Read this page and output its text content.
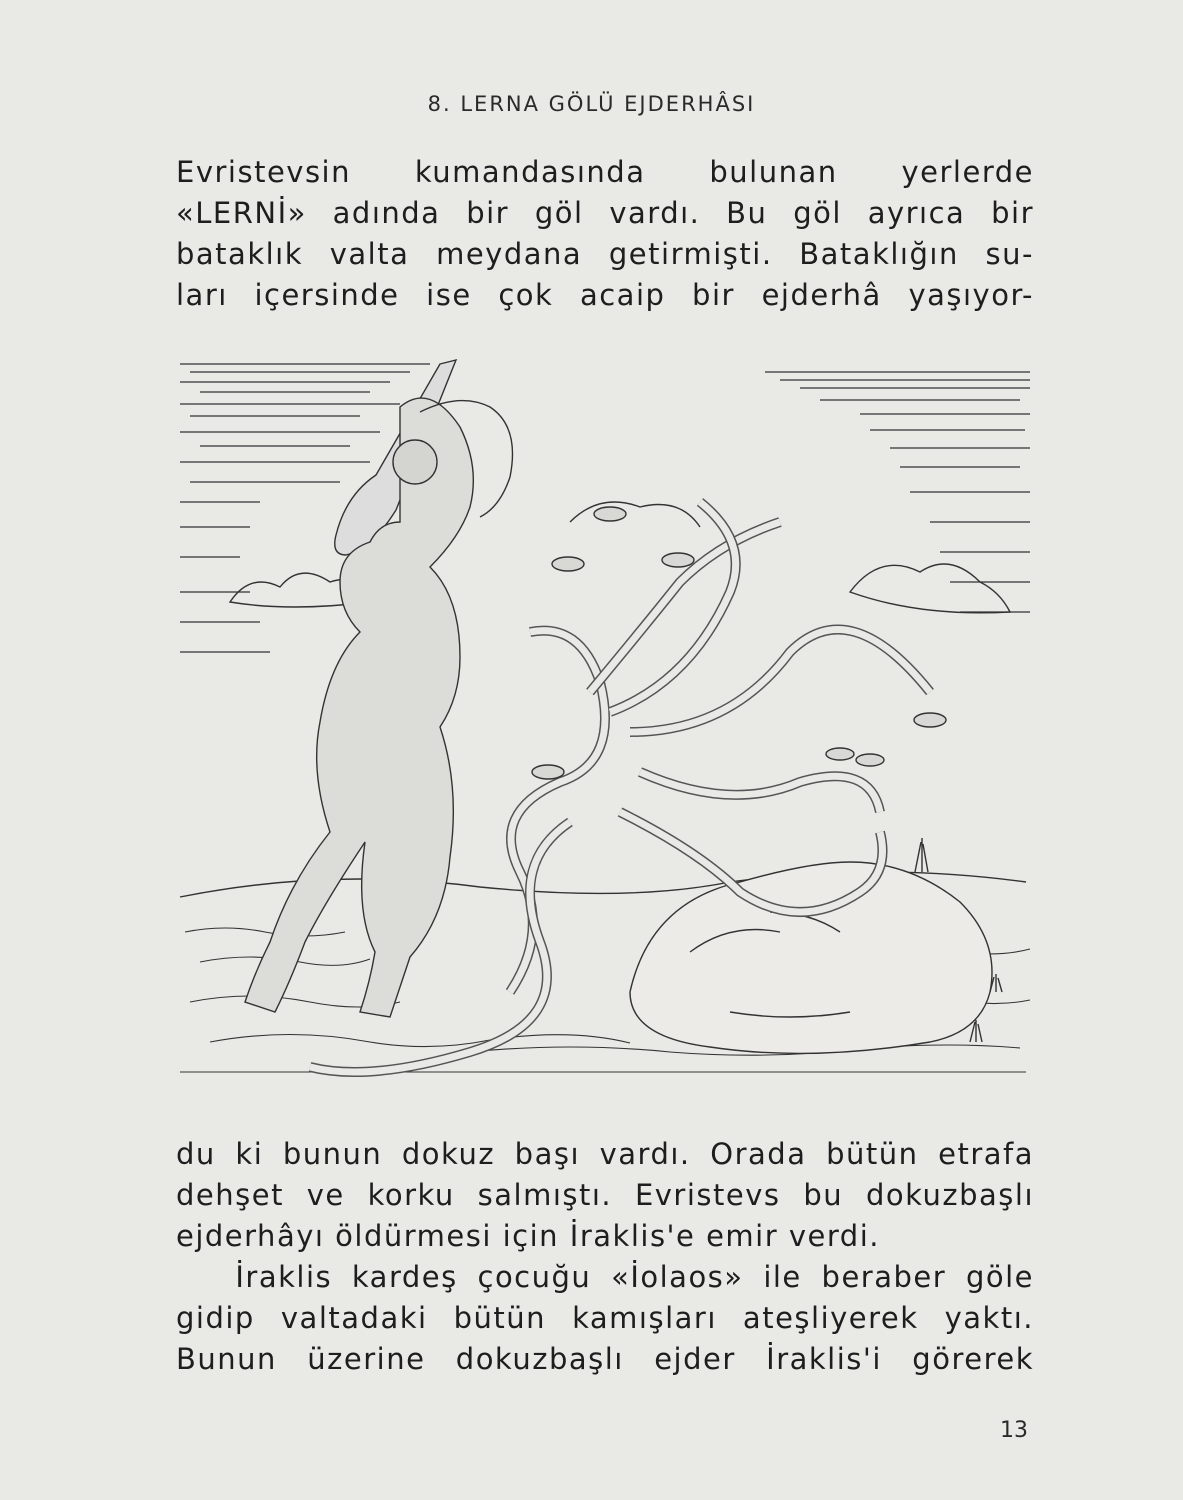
8. LERNA GÖLÜ EJDERHÂSI
Evristevsin kumandasında bulunan yerlerde
«LERNİ» adında bir göl vardı. Bu göl ayrıca bir
bataklık valta meydana getirmişti. Bataklığın su-
ları içersinde ise çok acaip bir ejderhâ yaşıyor-
du ki bunun dokuz başı vardı. Orada bütün etrafa
dehşet ve korku salmıştı. Evristevs bu dokuzbaşlı
ejderhâyı öldürmesi için İraklis'e emir verdi.
İraklis kardeş çocuğu «İolaos» ile beraber göle
gidip valtadaki bütün kamışları ateşliyerek yaktı.
Bunun üzerine dokuzbaşlı ejder İraklis'i görerek
13
